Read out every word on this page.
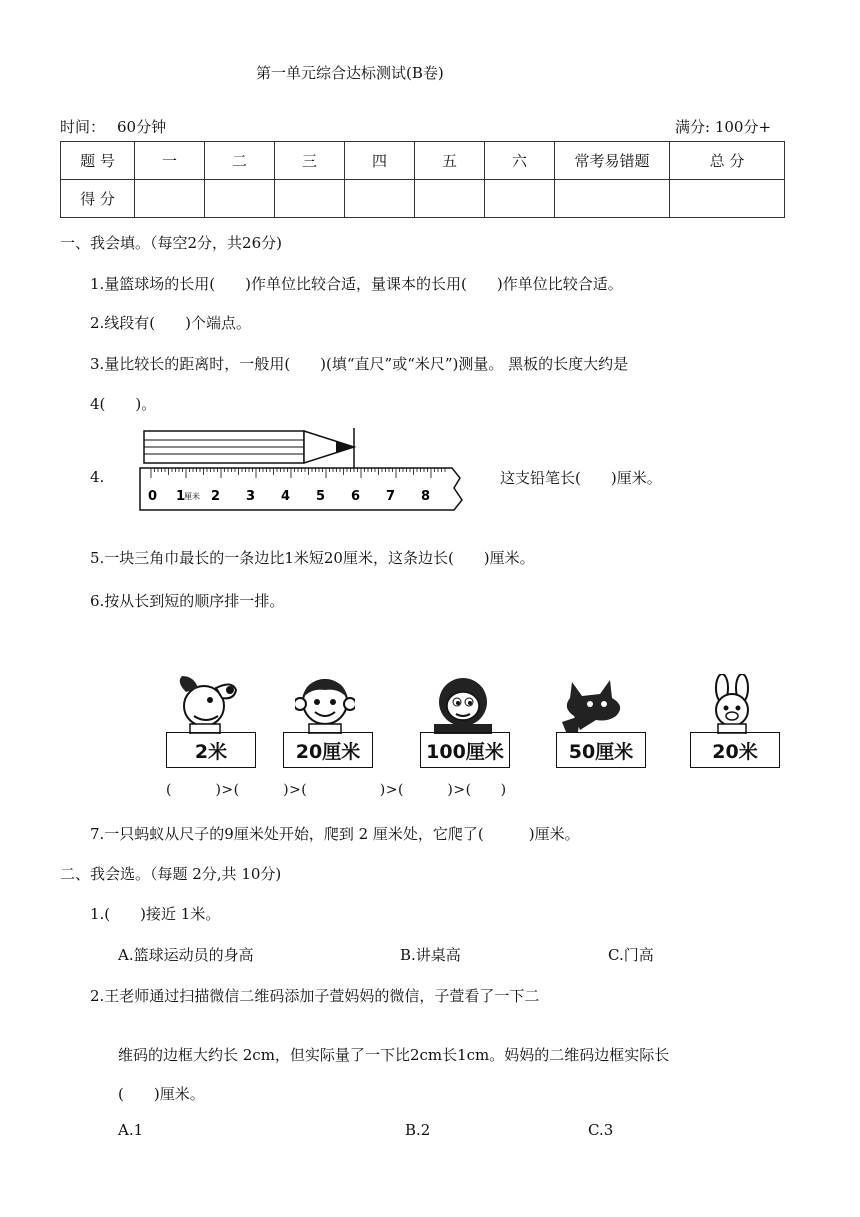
第一单元综合达标测试(B卷)
时间： 60分钟	满分: 100分+
题 号	一	二	三	四	五	六	常考易错题	总 分
得 分								
一、我会填。（每空2分，共26分)
1.量篮球场的长用(　　)作单位比较合适，量课本的长用(　　)作单位比较合适。
2.线段有(　　)个端点。
3.量比较长的距离时，一般用(　　)(填“直尺”或“米尺”)测量。 黑板的长度大约是
4(　　)。
4.
0 1
厘米 2 3 4 5 6 7 8
这支铅笔长(　　)厘米。
5.一块三角巾最长的一条边比1米短20厘米，这条边长(　　)厘米。
6.按从长到短的顺序排一排。
2米	20厘米	100厘米	50厘米	20米
(　　　)>(　　　)>(　　　　　)>(　　　)>(　　)
7.一只蚂蚁从尺子的9厘米处开始，爬到 2 厘米处，它爬了(　　　)厘米。
二、我会选。（每题 2分,共 10分)
1.(　　)接近 1米。
A.篮球运动员的身高	B.讲桌高	C.门高
2.王老师通过扫描微信二维码添加子萱妈妈的微信，子萱看了一下二
维码的边框大约长 2cm，但实际量了一下比2cm长1cm。妈妈的二维码边框实际长
(　　)厘米。
A.1	B.2	C.3
